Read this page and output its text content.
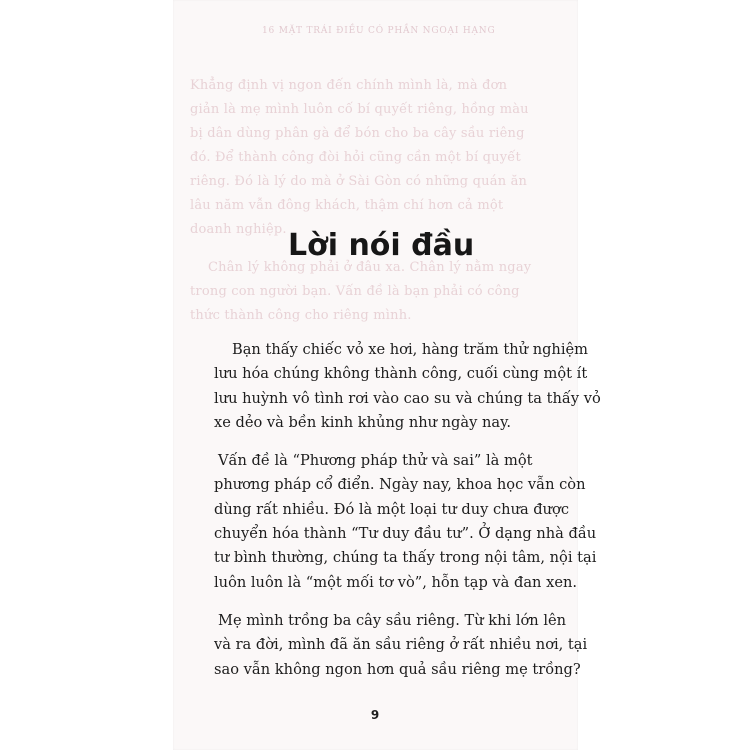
16 MẶT TRÁI ĐIỀU CÓ PHẦN NGOẠI HẠNG
Khẳng định vị ngon đến chính mình là, mà đơn
giản là mẹ mình luôn cố bí quyết riêng, hồng màu
bị dân dùng phân gà để bón cho ba cây sầu riêng
đó. Để thành công đòi hỏi cũng cần một bí quyết
riêng. Đó là lý do mà ở Sài Gòn có những quán ăn
lâu năm vẫn đông khách, thậm chí hơn cả một
doanh nghiệp.
Chân lý không phải ở đâu xa. Chân lý nằm ngay
trong con người bạn. Vấn đề là bạn phải có công
thức thành công cho riêng mình.
Lời nói đầu

Bạn thấy chiếc vỏ xe hơi, hàng trăm thử nghiệm
lưu hóa chúng không thành công, cuối cùng một ít
lưu huỳnh vô tình rơi vào cao su và chúng ta thấy vỏ
xe dẻo và bền kinh khủng như ngày nay.

Vấn đề là “Phương pháp thử và sai” là một
phương pháp cổ điển. Ngày nay, khoa học vẫn còn
dùng rất nhiều. Đó là một loại tư duy chưa được
chuyển hóa thành “Tư duy đầu tư”. Ở dạng nhà đầu
tư bình thường, chúng ta thấy trong nội tâm, nội tại
luôn luôn là “một mối tơ vò”, hỗn tạp và đan xen.

Mẹ mình trồng ba cây sầu riêng. Từ khi lớn lên
và ra đời, mình đã ăn sầu riêng ở rất nhiều nơi, tại
sao vẫn không ngon hơn quả sầu riêng mẹ trồng?

9
